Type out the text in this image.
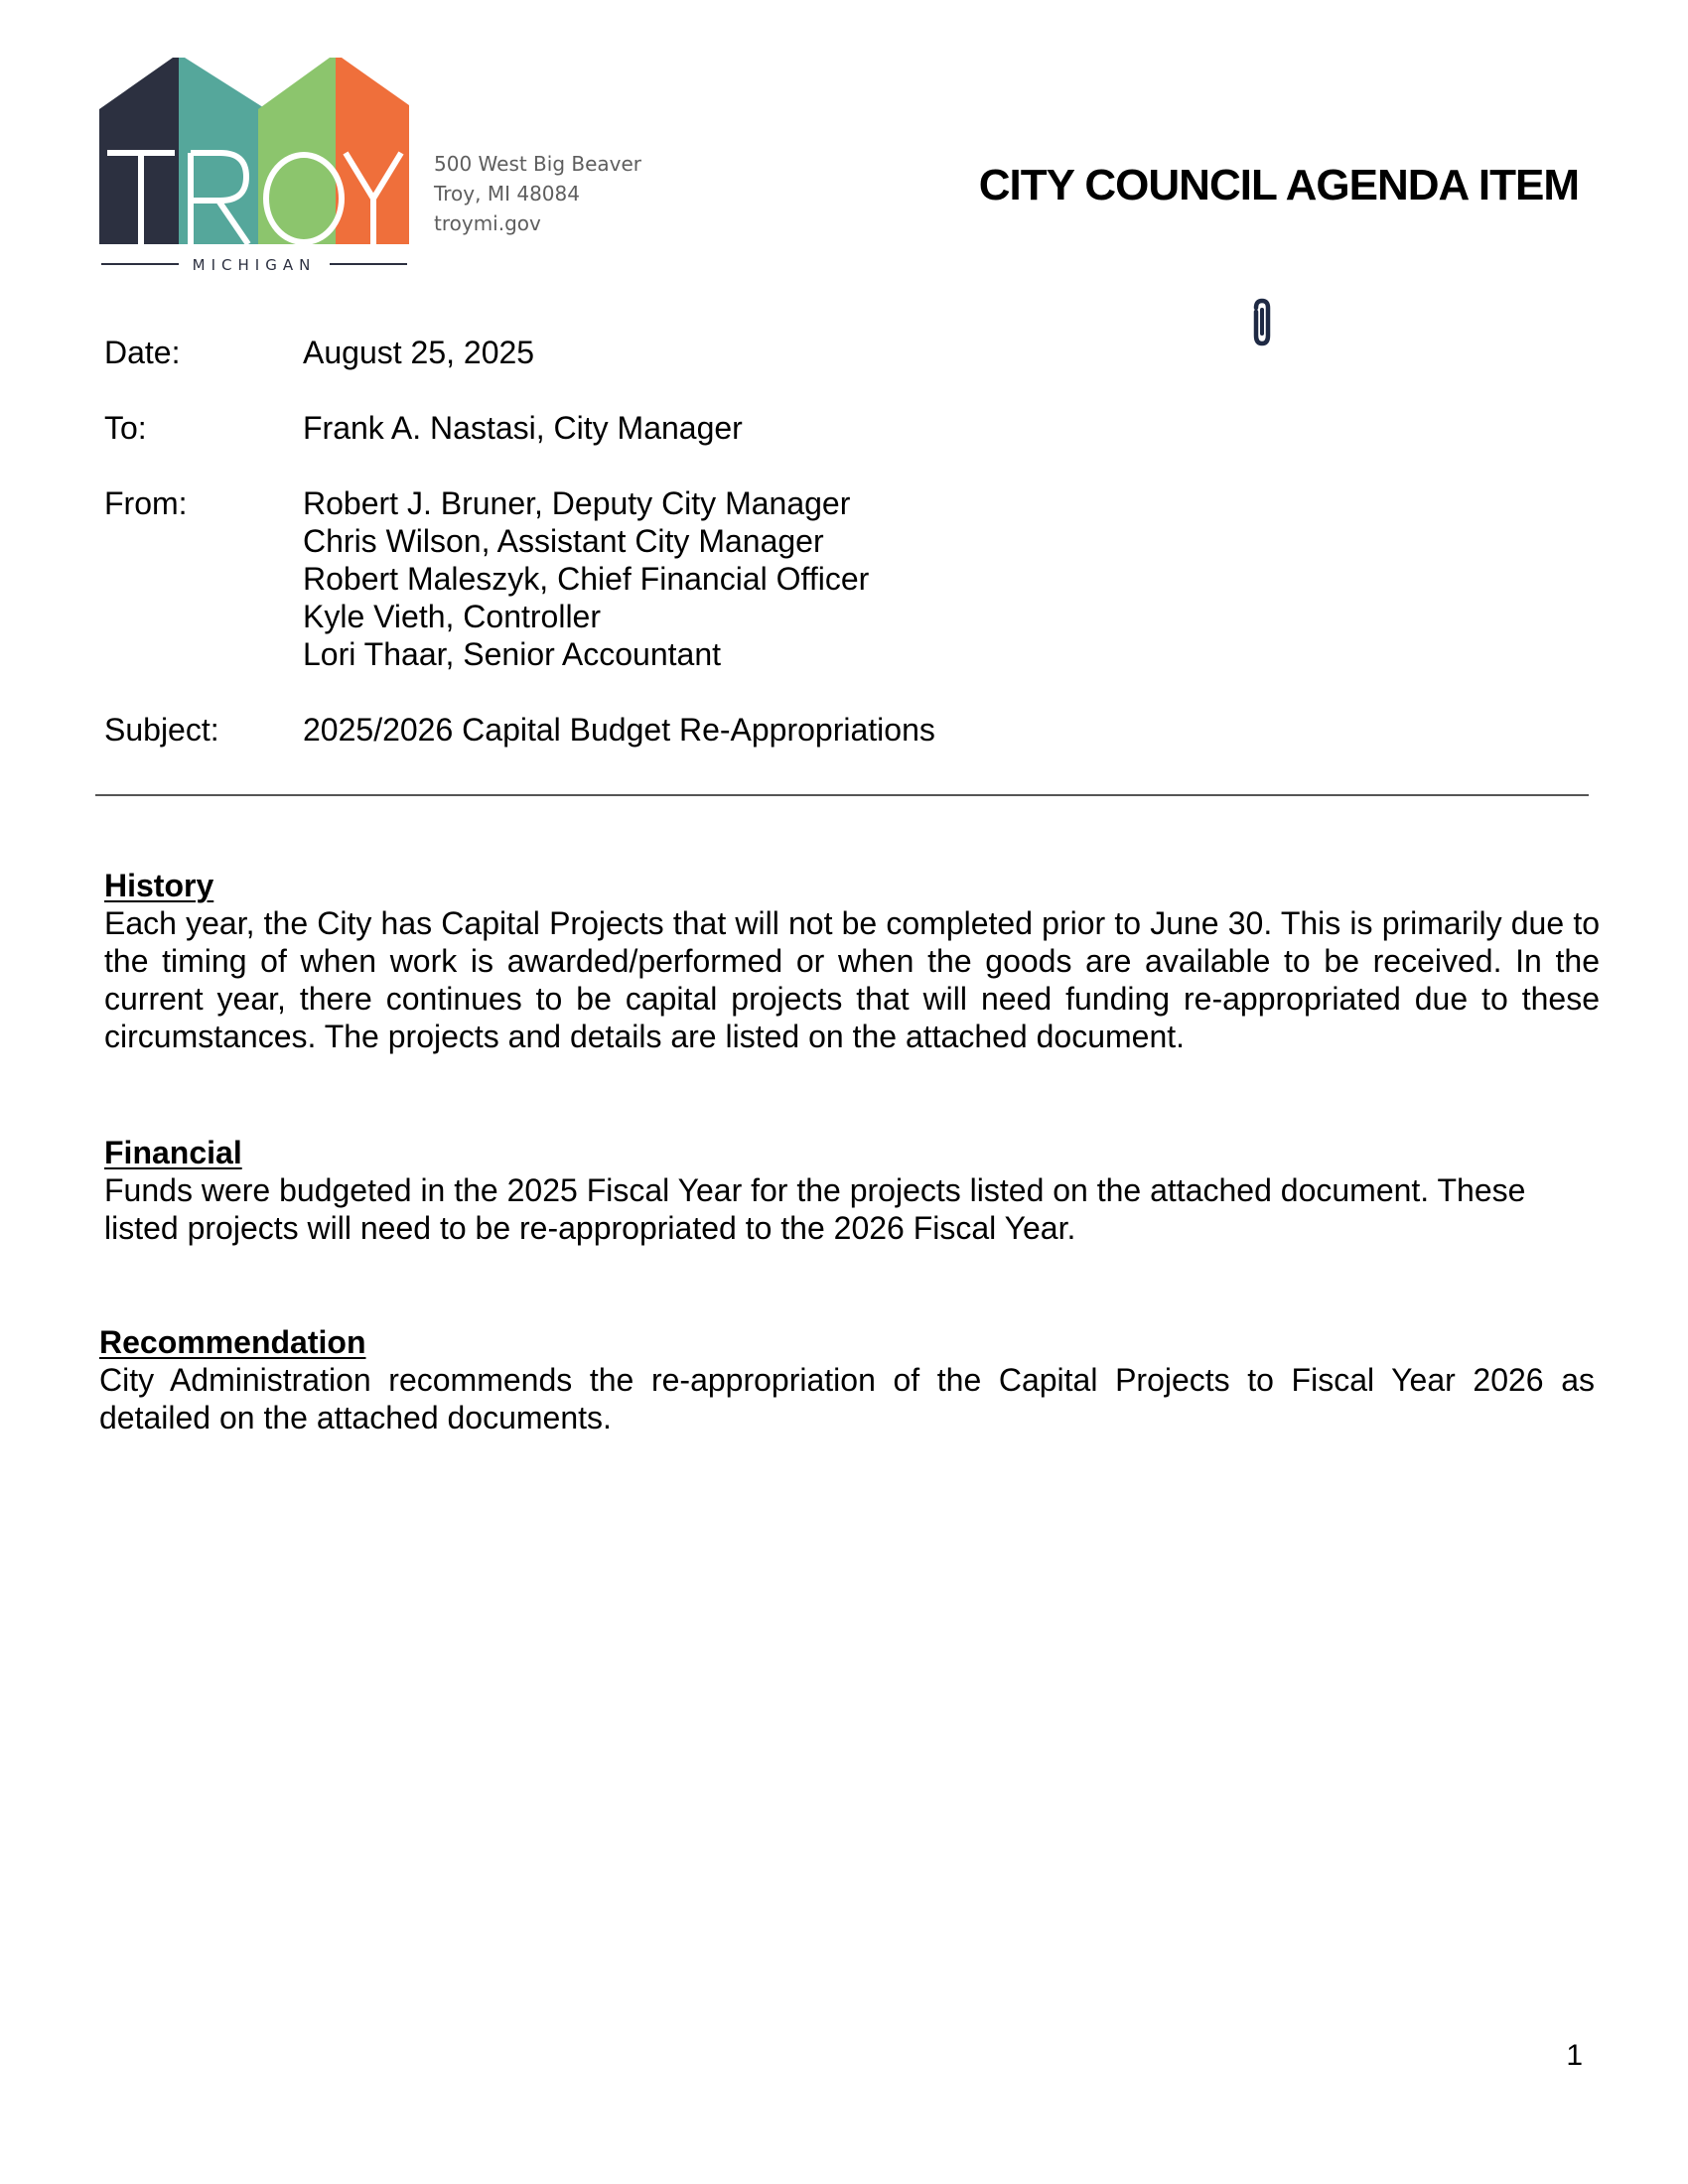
MICHIGAN
500 West Big Beaver
Troy, MI 48084
troymi.gov
CITY COUNCIL AGENDA ITEM
Date:	August 25, 2025
To:	Frank A. Nastasi, City Manager
From:	Robert J. Bruner, Deputy City Manager
Chris Wilson, Assistant City Manager
Robert Maleszyk, Chief Financial Officer
Kyle Vieth, Controller
Lori Thaar, Senior Accountant
Subject:	2025/2026 Capital Budget Re-Appropriations
History

Each year, the City has Capital Projects that will not be completed prior to June 30. This is primarily due to the timing of when work is awarded/performed or when the goods are available to be received. In the current year, there continues to be capital projects that will need funding re-appropriated due to these circumstances. The projects and details are listed on the attached document.

Financial

Funds were budgeted in the 2025 Fiscal Year for the projects listed on the attached document. These listed projects will need to be re-appropriated to the 2026 Fiscal Year.

Recommendation

City Administration recommends the re-appropriation of the Capital Projects to Fiscal Year 2026 as detailed on the attached documents.

1
